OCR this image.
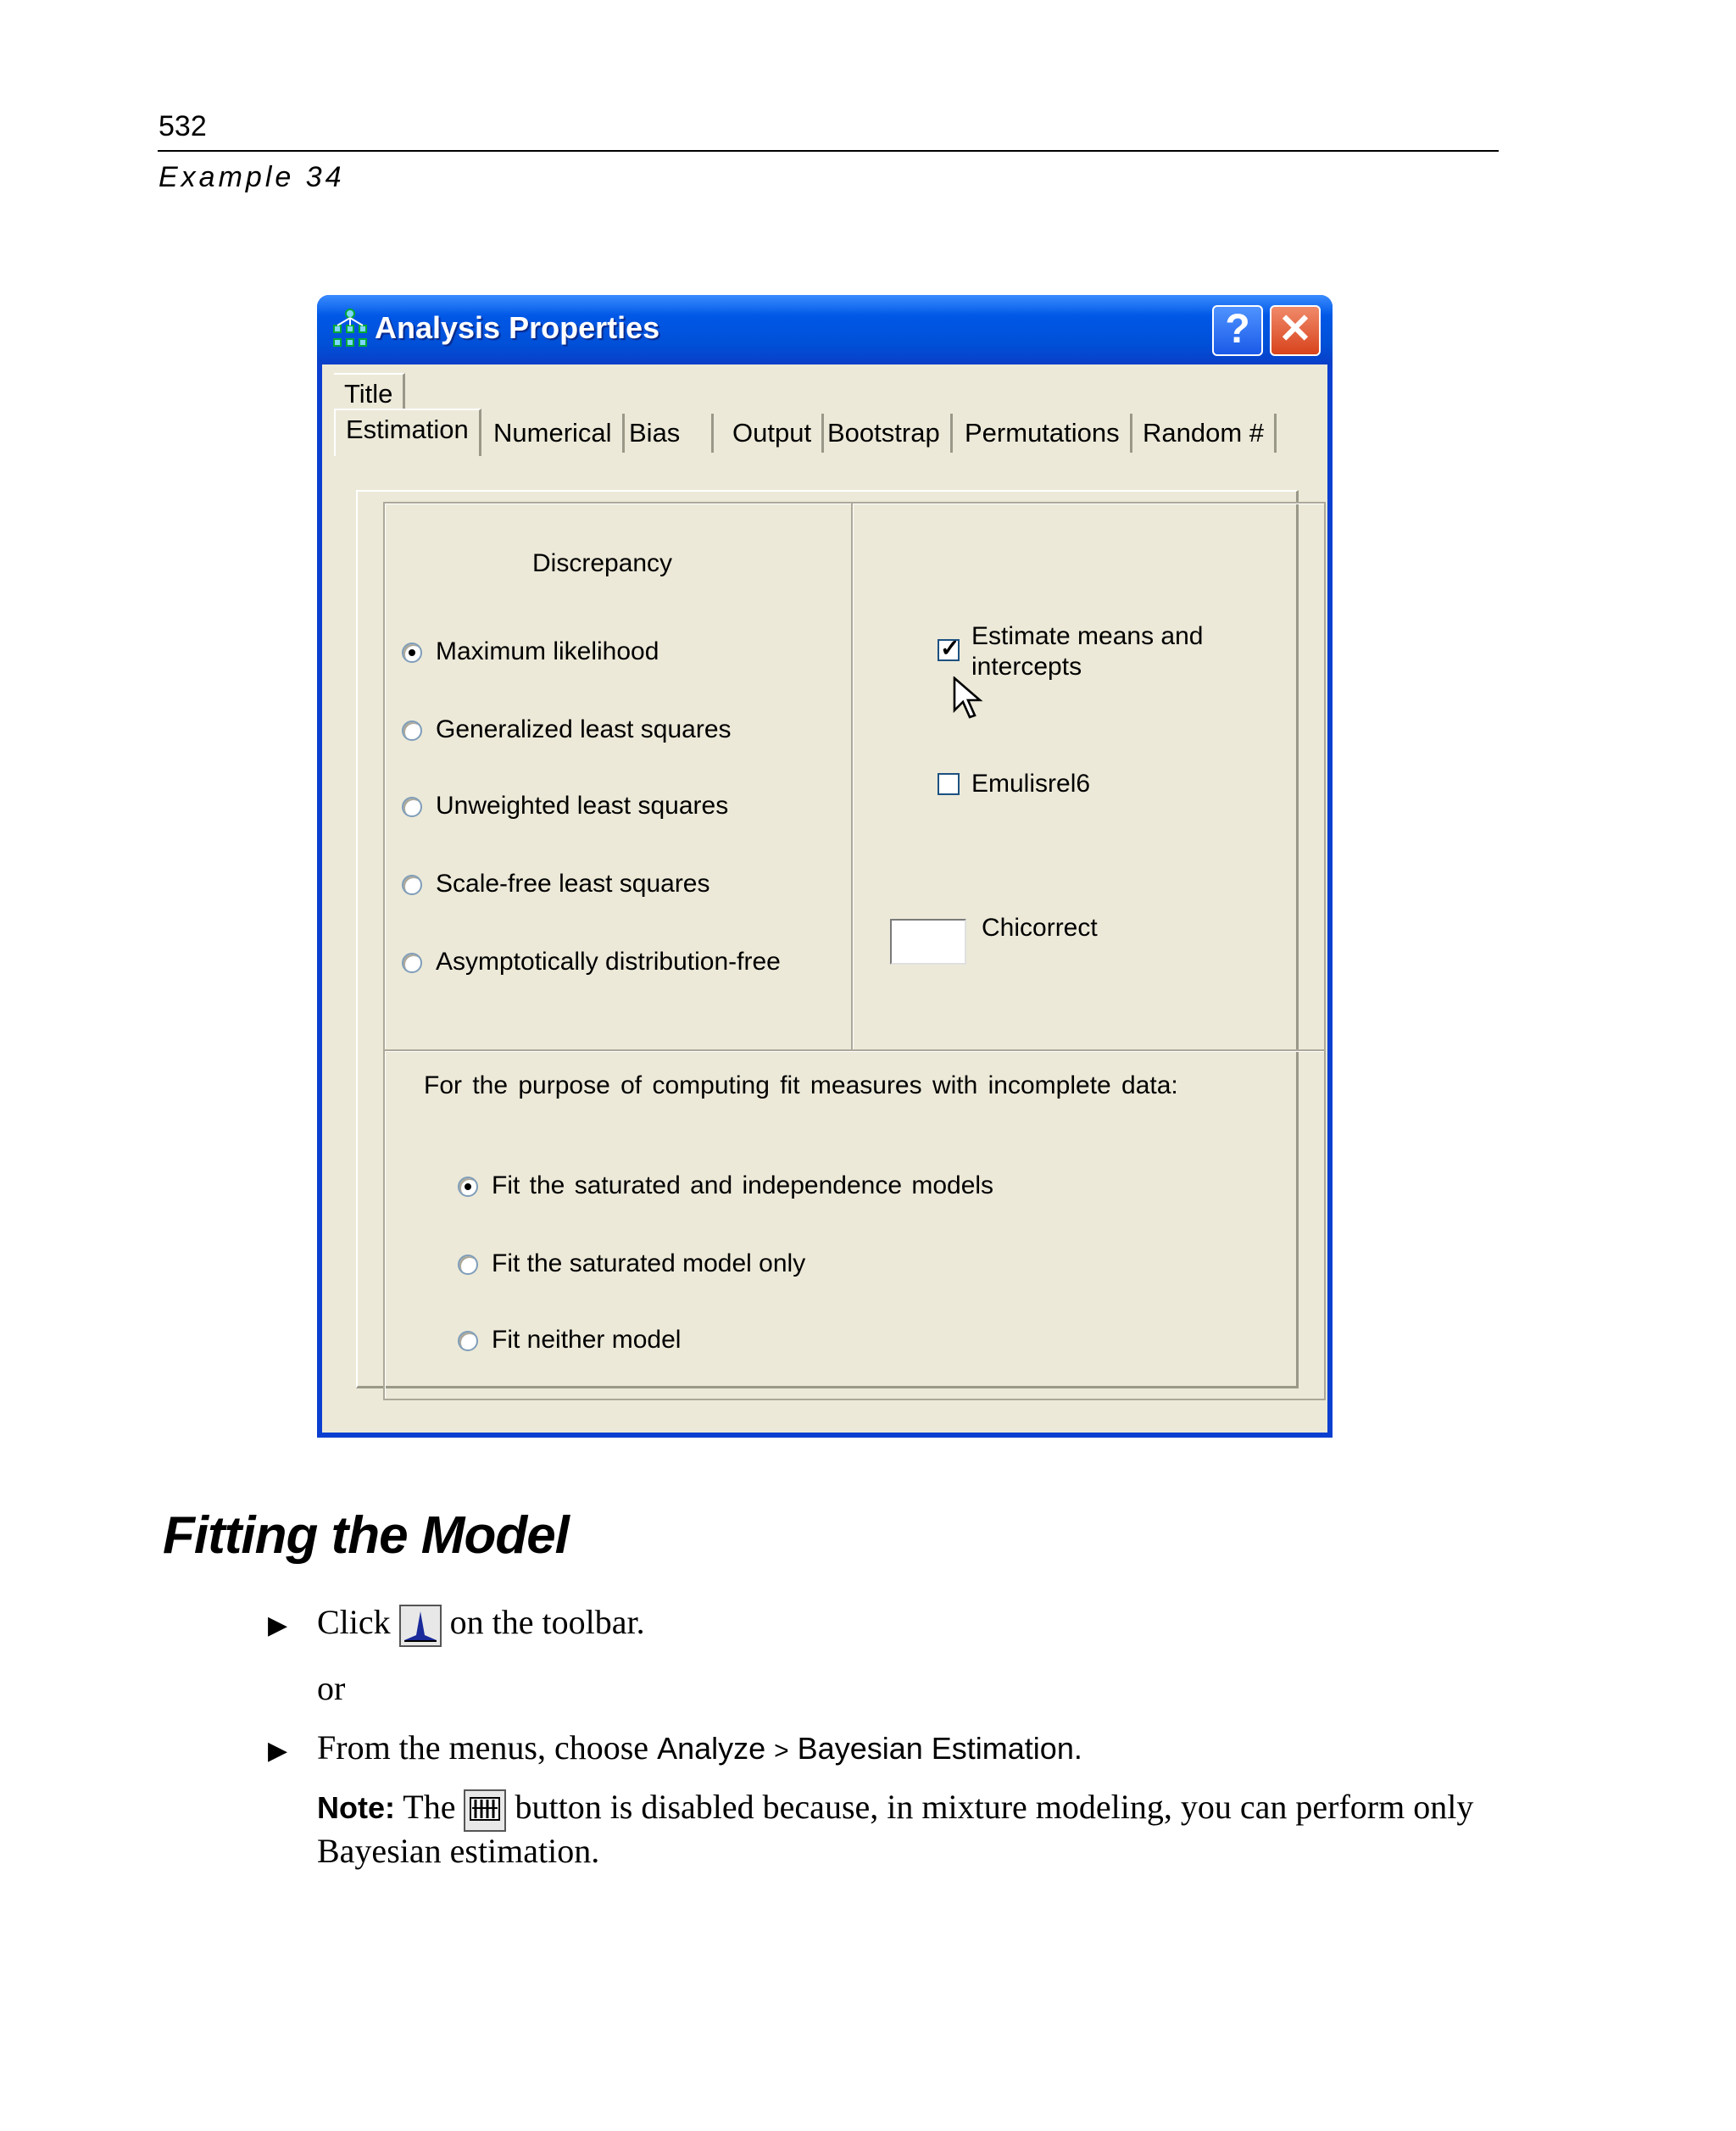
532
Example 34
Analysis Properties	? ✕
Title
Estimation Numerical Bias	Output Bootstrap Permutations Random #
Discrepancy
Maximum likelihood
Generalized least squares
Unweighted least squares
Scale-free least squares
Asymptotically distribution-free
✓ Estimate means and
intercepts
Emulisrel6
Chicorrect
For the purpose of computing fit measures with incomplete data:
Fit the saturated and independence models
Fit the saturated model only
Fit neither model
Fitting the Model
▶ Click on the toolbar.
or
▶ From the menus, choose Analyze > Bayesian Estimation.
Note: The button is disabled because, in mixture modeling, you can perform only
Bayesian estimation.
